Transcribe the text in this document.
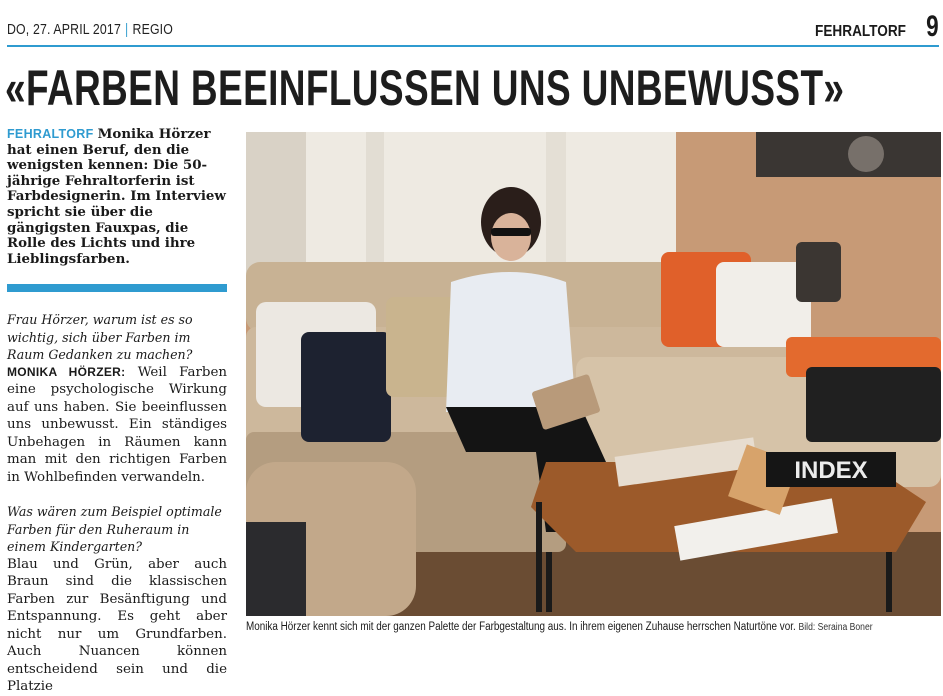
DO, 27. APRIL 2017 | REGIO	FEHRALTORF 9
«FARBEN BEEINFLUSSEN UNS UNBEWUSST»
FEHRALTORF Monika Hörzer hat einen Beruf, den die wenigsten kennen: Die 50-jährige Fehraltorferin ist Farbdesignerin. Im Interview spricht sie über die gängigsten Fauxpas, die Rolle des Lichts und ihre Lieblingsfarben.
Frau Hörzer, warum ist es so wichtig, sich über Farben im Raum Gedanken zu machen?
MONIKA HÖRZER: Weil Farben eine psychologische Wirkung auf uns haben. Sie beeinflussen uns unbewusst. Ein ständiges Unbehagen in Räumen kann man mit den richtigen Farben in Wohlbefinden verwandeln.
Was wären zum Beispiel optimale Farben für den Ruheraum in einem Kindergarten?
Blau und Grün, aber auch Braun sind die klassischen Farben zur Besänftigung und Entspannung. Es geht aber nicht nur um Grundfarben. Auch Nuancen können entscheidend sein und die Platzie
INDEX
Monika Hörzer kennt sich mit der ganzen Palette der Farbgestaltung aus. In ihrem eigenen Zuhause herrschen Naturtöne vor. Bild: Seraina Boner
